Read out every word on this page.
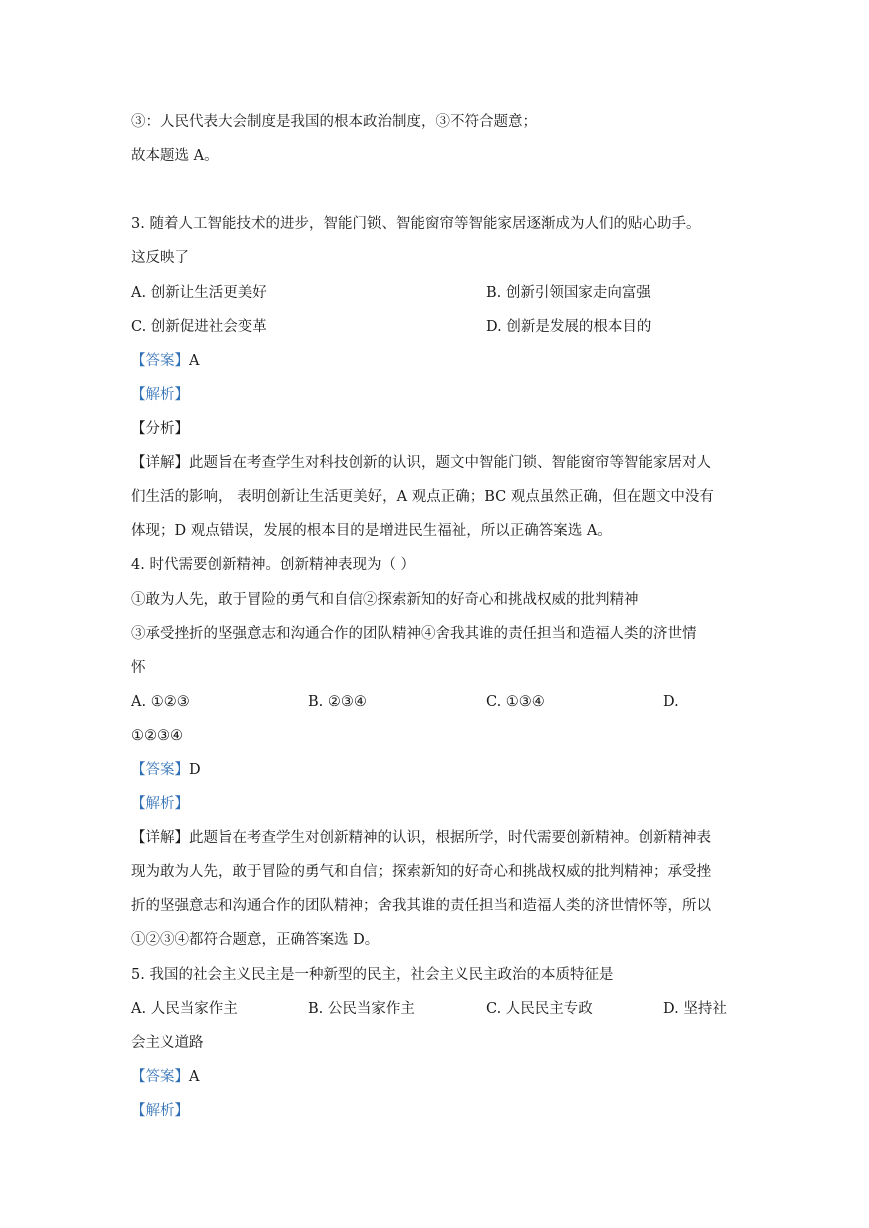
③：人民代表大会制度是我国的根本政治制度，③不符合题意；
故本题选 A。
3. 随着人工智能技术的进步，智能门锁、智能窗帘等智能家居逐渐成为人们的贴心助手。
这反映了
A. 创新让生活更美好	B. 创新引领国家走向富强
C. 创新促进社会变革	D. 创新是发展的根本目的
【答案】A
【解析】
【分析】
【详解】此题旨在考查学生对科技创新的认识，题文中智能门锁、智能窗帘等智能家居对人
们生活的影响， 表明创新让生活更美好，A 观点正确；BC 观点虽然正确，但在题文中没有
体现；D 观点错误，发展的根本目的是增进民生福祉，所以正确答案选 A。
4. 时代需要创新精神。创新精神表现为（ ）
①敢为人先，敢于冒险的勇气和自信②探索新知的好奇心和挑战权威的批判精神
③承受挫折的坚强意志和沟通合作的团队精神④舍我其谁的责任担当和造福人类的济世情
怀
A. ①②③	B. ②③④	C. ①③④	D.
①②③④
【答案】D
【解析】
【详解】此题旨在考查学生对创新精神的认识，根据所学，时代需要创新精神。创新精神表
现为敢为人先，敢于冒险的勇气和自信；探索新知的好奇心和挑战权威的批判精神；承受挫
折的坚强意志和沟通合作的团队精神；舍我其谁的责任担当和造福人类的济世情怀等，所以
①②③④都符合题意，正确答案选 D。
5. 我国的社会主义民主是一种新型的民主，社会主义民主政治的本质特征是
A. 人民当家作主	B. 公民当家作主	C. 人民民主专政	D. 坚持社
会主义道路
【答案】A
【解析】
